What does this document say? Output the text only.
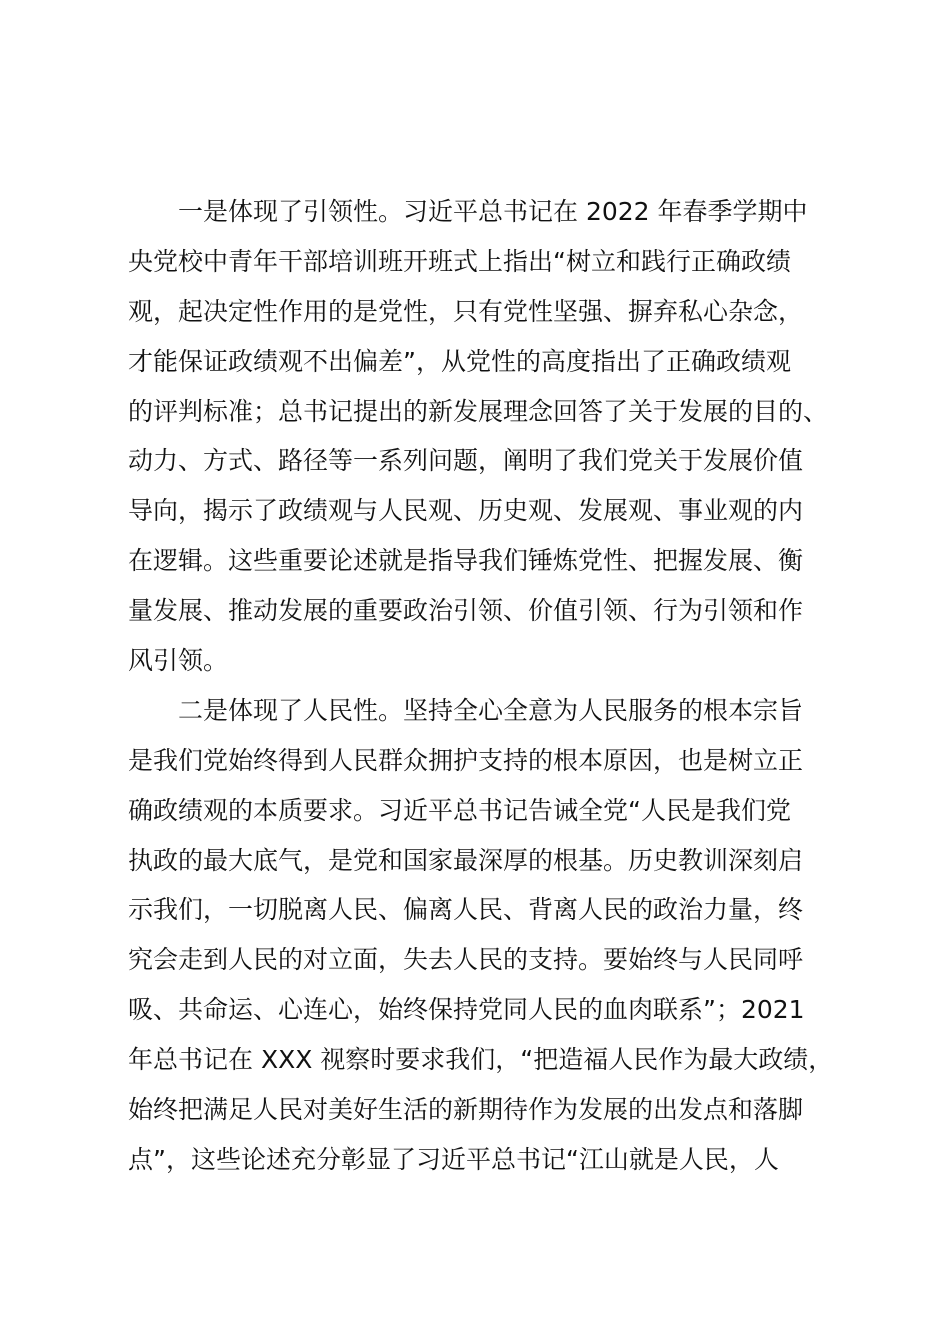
一是体现了引领性。习近平总书记在 2022 年春季学期中
央党校中青年干部培训班开班式上指出“树立和践行正确政绩
观，起决定性作用的是党性，只有党性坚强、摒弃私心杂念，
才能保证政绩观不出偏差”，从党性的高度指出了正确政绩观
的评判标准；总书记提出的新发展理念回答了关于发展的目的、
动力、方式、路径等一系列问题，阐明了我们党关于发展价值
导向，揭示了政绩观与人民观、历史观、发展观、事业观的内
在逻辑。这些重要论述就是指导我们锤炼党性、把握发展、衡
量发展、推动发展的重要政治引领、价值引领、行为引领和作
风引领。
二是体现了人民性。坚持全心全意为人民服务的根本宗旨
是我们党始终得到人民群众拥护支持的根本原因，也是树立正
确政绩观的本质要求。习近平总书记告诫全党“人民是我们党
执政的最大底气，是党和国家最深厚的根基。历史教训深刻启
示我们，一切脱离人民、偏离人民、背离人民的政治力量，终
究会走到人民的对立面，失去人民的支持。要始终与人民同呼
吸、共命运、心连心，始终保持党同人民的血肉联系”；2021
年总书记在 XXX 视察时要求我们，“把造福人民作为最大政绩，
始终把满足人民对美好生活的新期待作为发展的出发点和落脚
点”，这些论述充分彰显了习近平总书记“江山就是人民，人
